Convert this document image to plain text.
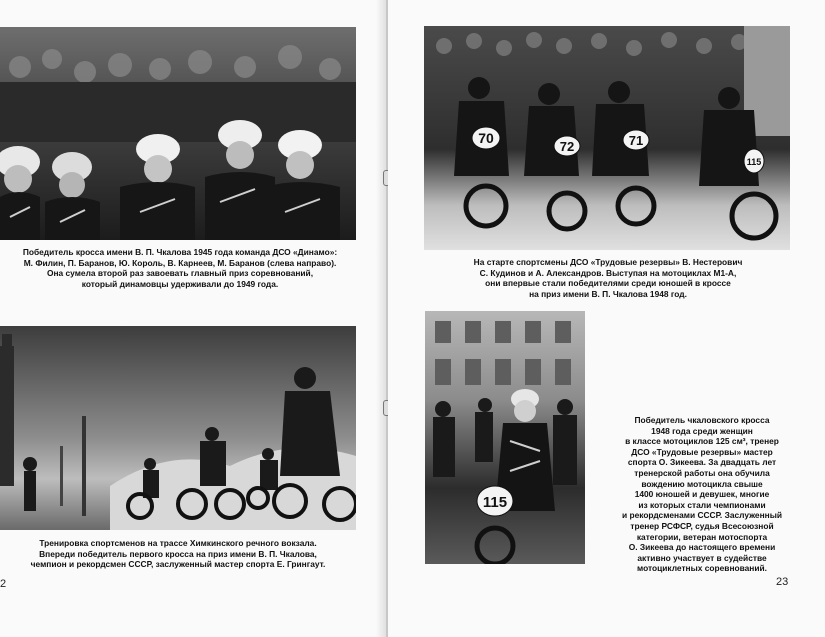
Победитель кросса имени В. П. Чкалова 1945 года команда ДСО «Динамо»:
М. Филин, П. Баранов, Ю. Король, В. Карнеев, М. Баранов (слева направо).
Она сумела второй раз завоевать главный приз соревнований,
который динамовцы удерживали до 1949 года.

Тренировка спортсменов на трассе Химкинского речного вокзала.
Впереди победитель первого кросса на приз имени В. П. Чкалова,
чемпион и рекордсмен СССР, заслуженный мастер спорта Е. Грингаут.

2
70
72	71
115

На старте спортсмены ДСО «Трудовые резервы» В. Нестерович
С. Кудинов и А. Александров. Выступая на мотоциклах М1-А,
они впервые стали победителями среди юношей в кроссе
на приз имени В. П. Чкалова 1948 год.

115

Победитель чкаловского кросса
1948 года среди женщин
в классе мотоциклов 125 см³, тренер
ДСО «Трудовые резервы» мастер
спорта О. Зикеева. За двадцать лет
тренерской работы она обучила
вождению мотоцикла свыше
1400 юношей и девушек, многие
из которых стали чемпионами
и рекордсменами СССР. Заслуженный
тренер РСФСР, судья Всесоюзной
категории, ветеран мотоспорта
О. Зикеева до настоящего времени
активно участвует в судействе
мотоциклетных соревнований.

23
